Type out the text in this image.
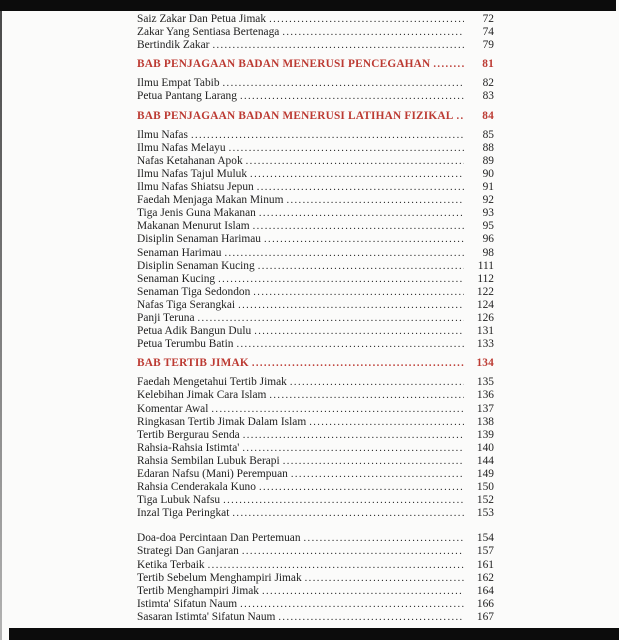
Saiz Zakar Dan Petua Jimak .....	72
Zakar Yang Sentiasa Bertenaga .....	74
Bertindik Zakar .....	79
BAB PENJAGAAN BADAN MENERUSI PENCEGAHAN .....	81
Ilmu Empat Tabib .....	82
Petua Pantang Larang .....	83
BAB PENJAGAAN BADAN MENERUSI LATIHAN FIZIKAL .....	84
Ilmu Nafas .....	85
Ilmu Nafas Melayu .....	88
Nafas Ketahanan Apok .....	89
Ilmu Nafas Tajul Muluk .....	90
Ilmu Nafas Shiatsu Jepun .....	91
Faedah Menjaga Makan Minum .....	92
Tiga Jenis Guna Makanan .....	93
Makanan Menurut Islam .....	95
Disiplin Senaman Harimau .....	96
Senaman Harimau .....	98
Disiplin Senaman Kucing .....	111
Senaman Kucing .....	112
Senaman Tiga Sedondon .....	122
Nafas Tiga Serangkai .....	124
Panji Teruna .....	126
Petua Adik Bangun Dulu .....	131
Petua Terumbu Batin .....	133
BAB TERTIB JIMAK .....	134
Faedah Mengetahui Tertib Jimak .....	135
Kelebihan Jimak Cara Islam .....	136
Komentar Awal .....	137
Ringkasan Tertib Jimak Dalam Islam .....	138
Tertib Bergurau Senda .....	139
Rahsia-Rahsia Istimta' .....	140
Rahsia Sembilan Lubuk Berapi .....	144
Edaran Nafsu (Mani) Perempuan .....	149
Rahsia Cenderakala Kuno .....	150
Tiga Lubuk Nafsu .....	152
Inzal Tiga Peringkat .....	153
Doa-doa Percintaan Dan Pertemuan .....	154
Strategi Dan Ganjaran .....	157
Ketika Terbaik .....	161
Tertib Sebelum Menghampiri Jimak .....	162
Tertib Menghampiri Jimak .....	164
Istimta' Sifatun Naum .....	166
Sasaran Istimta' Sifatun Naum .....	167
